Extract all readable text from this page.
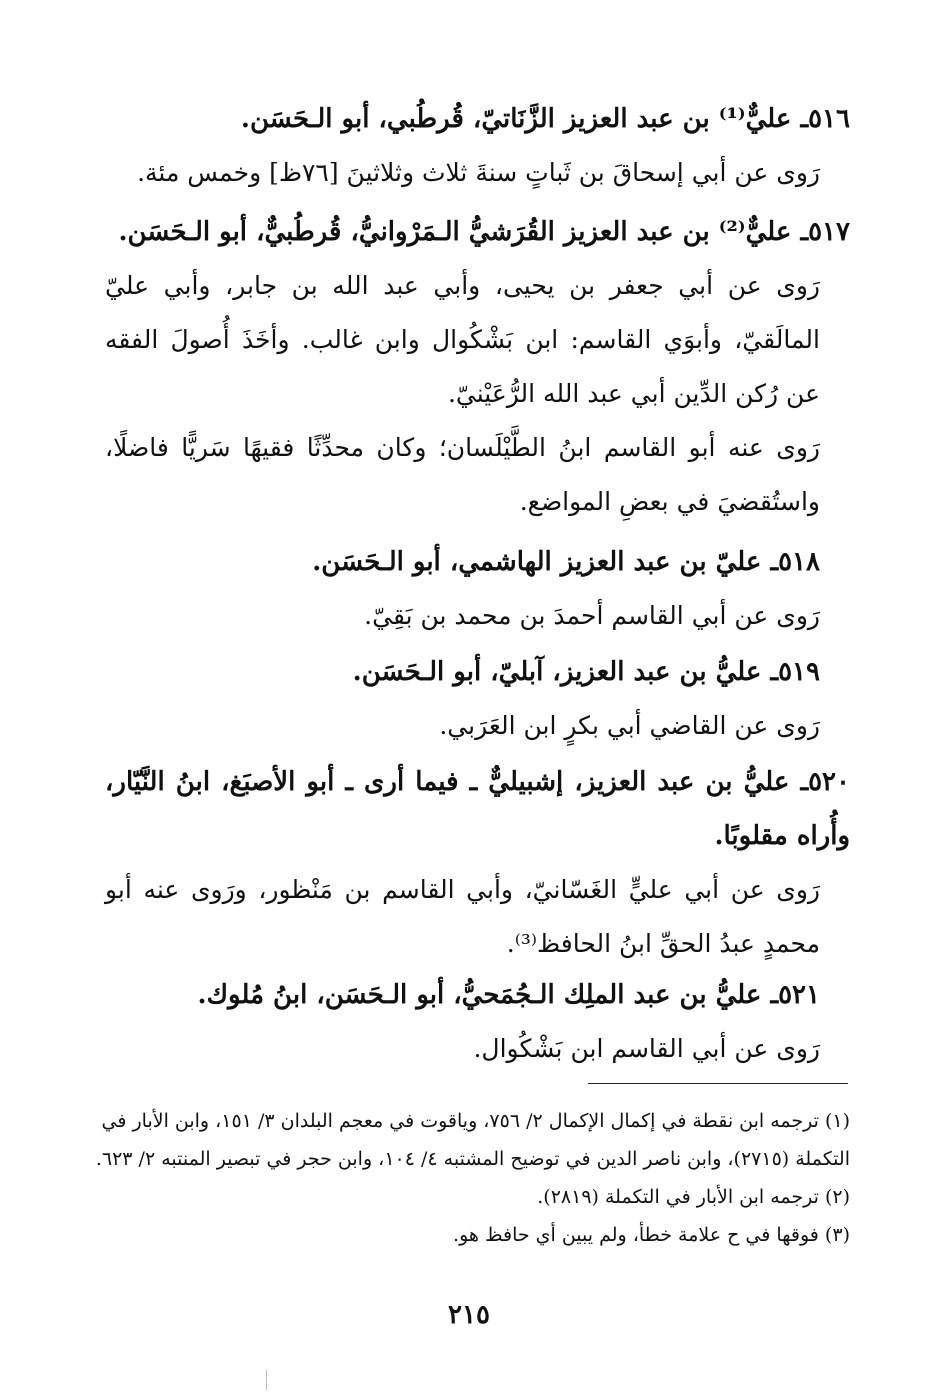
٥١٦ـ عليٌّ⁽¹⁾ بن عبد العزيز الزَّنَاتيّ، قُرطُبي، أبو الـحَسَن.

رَوى عن أبي إسحاقَ بن ثَباتٍ سنةَ ثلاث وثلاثينَ [٧٦ظ] وخمس مئة.

٥١٧ـ عليٌّ⁽²⁾ بن عبد العزيز القُرَشيُّ الـمَرْوانيُّ، قُرطُبيٌّ، أبو الـحَسَن.

رَوى عن أبي جعفر بن يحيى، وأبي عبد الله بن جابر، وأبي عليّ المالَقيّ، وأبوَي القاسم: ابن بَشْكُوال وابن غالب. وأخَذَ أُصولَ الفقه عن رُكن الدِّين أبي عبد الله الرُّعَيْنيّ.

رَوى عنه أبو القاسم ابنُ الطَّيْلَسان؛ وكان محدِّثًا فقيهًا سَريًّا فاضلًا، واستُقضيَ في بعضِ المواضع.

٥١٨ـ عليّ بن عبد العزيز الهاشمي، أبو الـحَسَن.

رَوى عن أبي القاسم أحمدَ بن محمد بن بَقِيّ.

٥١٩ـ عليُّ بن عبد العزيز، آبليّ، أبو الـحَسَن.

رَوى عن القاضي أبي بكرٍ ابن العَرَبي.

٥٢٠ـ عليُّ بن عبد العزيز، إشبيليٌّ ـ فيما أرى ـ أبو الأصبَغ، ابنُ النَّيّار، وأُراه مقلوبًا.

رَوى عن أبي عليٍّ الغَسّانيّ، وأبي القاسم بن مَنْظور، ورَوى عنه أبو محمدٍ عبدُ الحقِّ ابنُ الحافظ⁽³⁾.

٥٢١ـ عليُّ بن عبد الملِك الـجُمَحيُّ، أبو الـحَسَن، ابنُ مُلوك.

رَوى عن أبي القاسم ابن بَشْكُوال.

(١) ترجمه ابن نقطة في إكمال الإكمال ٢/ ٧٥٦، وياقوت في معجم البلدان ٣/ ١٥١، وابن الأبار في التكملة (٢٧١٥)، وابن ناصر الدين في توضيح المشتبه ٤/ ١٠٤، وابن حجر في تبصير المنتبه ٢/ ٦٢٣.

(٢) ترجمه ابن الأبار في التكملة (٢٨١٩).

(٣) فوقها في ح علامة خطأ، ولم يبين أي حافظ هو.

٢١٥
